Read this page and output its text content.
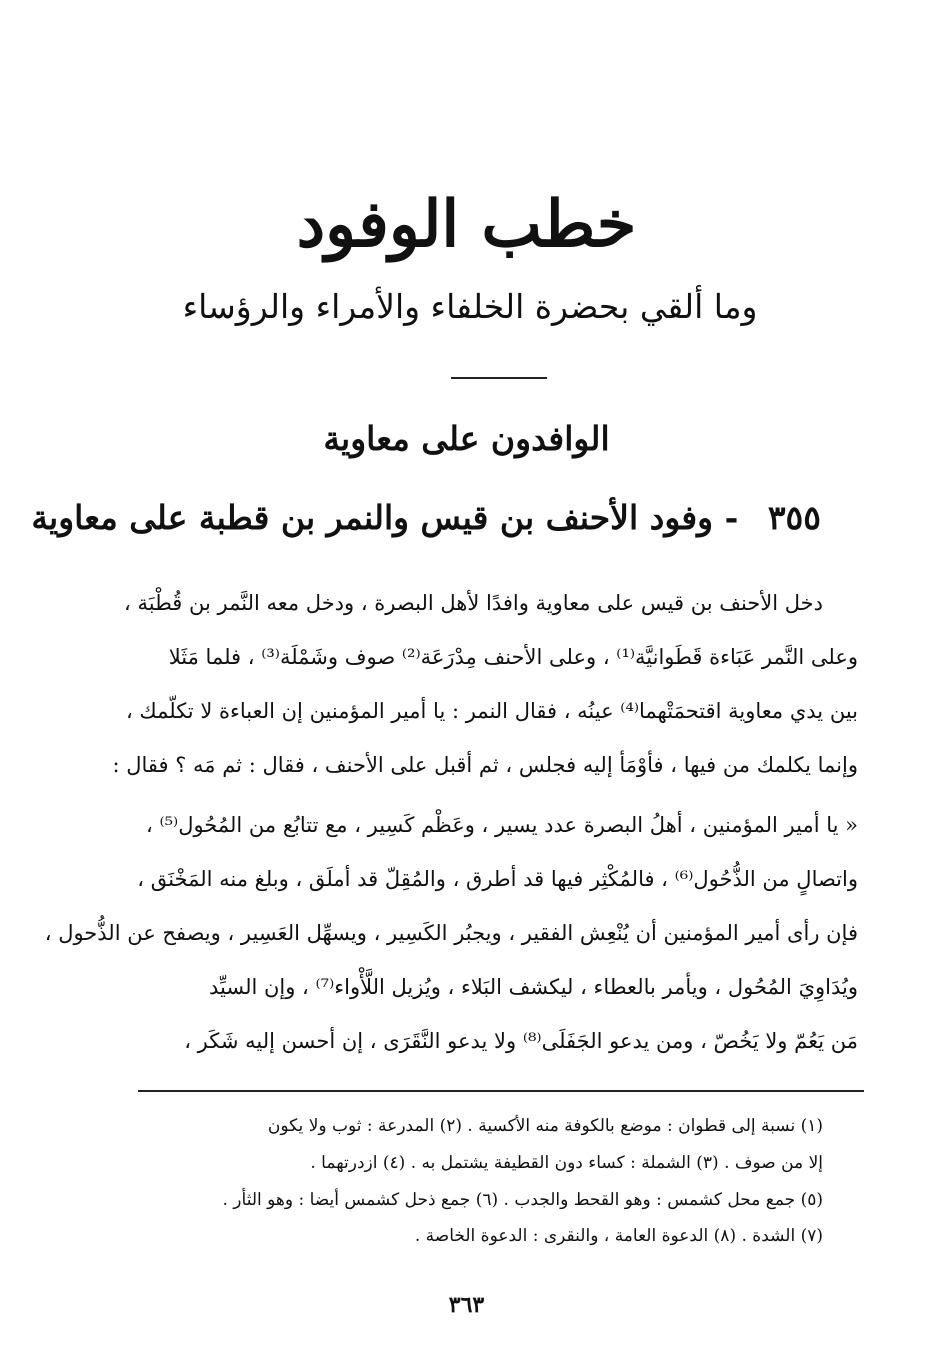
خطب الوفود
وما ألقي بحضرة الخلفاء والأمراء والرؤساء
الوافدون على معاوية
٣٥٥ - وفود الأحنف بن قيس والنمر بن قطبة على معاوية
دخل الأحنف بن قيس على معاوية وافدًا لأهل البصرة ، ودخل معه النَّمر بن قُطْبَة ،
وعلى النَّمر عَبَاءة قَطَوانيَّة⁽¹⁾ ، وعلى الأحنف مِدْرَعَة⁽²⁾ صوف وشَمْلَة⁽³⁾ ، فلما مَثَلا
بين يدي معاوية اقتحمَتْهما⁽⁴⁾ عينُه ، فقال النمر : يا أمير المؤمنين إن العباءة لا تكلّمك ،
وإنما يكلمك من فيها ، فأوْمَأ إليه فجلس ، ثم أقبل على الأحنف ، فقال : ثم مَه ؟ فقال :
« يا أمير المؤمنين ، أهلُ البصرة عدد يسير ، وعَظْم كَسِير ، مع تتابُع من المُحُول⁽⁵⁾ ،
واتصالٍ من الذُّحُول⁽⁶⁾ ، فالمُكْثِر فيها قد أطرق ، والمُقِلّ قد أملَق ، وبلغ منه المَخْنَق ،
فإن رأى أمير المؤمنين أن يُنْعِش الفقير ، ويجبُر الكَسِير ، ويسهِّل العَسِير ، ويصفح عن الذُّحول ،
ويُدَاوِيَ المُحُول ، ويأمر بالعطاء ، ليكشف البَلاء ، ويُزيل اللَّأْواء⁽⁷⁾ ، وإن السيِّد
مَن يَعُمّ ولا يَخُصّ ، ومن يدعو الجَفَلَى⁽⁸⁾ ولا يدعو النَّقَرَى ، إن أحسن إليه شَكَر ،
(١) نسبة إلى قطوان : موضع بالكوفة منه الأكسية . (٢) المدرعة : ثوب ولا يكون
إلا من صوف . (٣) الشملة : كساء دون القطيفة يشتمل به . (٤) ازدرتهما .
(٥) جمع محل كشمس : وهو القحط والجدب . (٦) جمع ذحل كشمس أيضا : وهو الثأر .
(٧) الشدة . (٨) الدعوة العامة ، والنقرى : الدعوة الخاصة .
٣٦٣
